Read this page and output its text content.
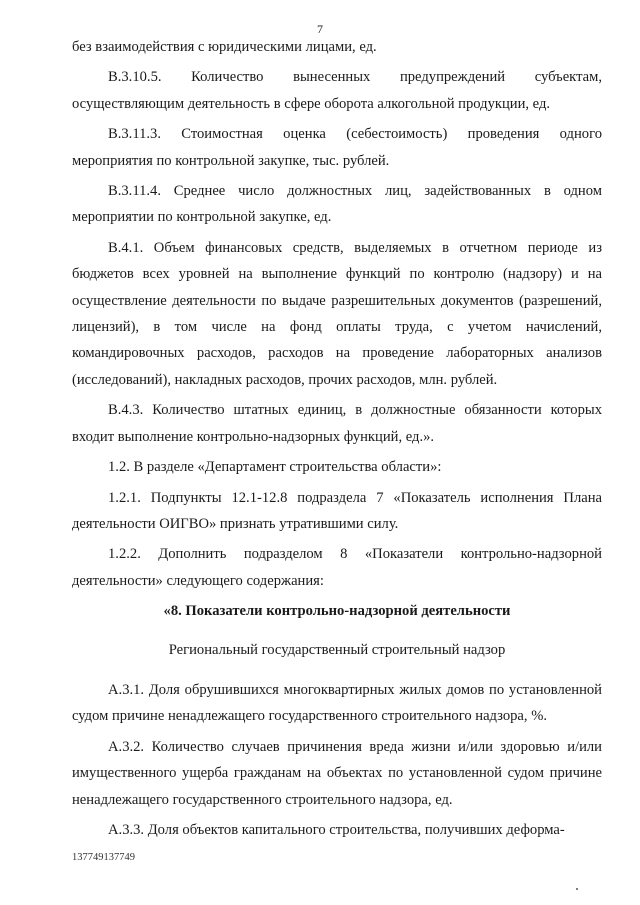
7

без взаимодействия с юридическими лицами, ед.

В.3.10.5. Количество вынесенных предупреждений субъектам, осуществляющим деятельность в сфере оборота алкогольной продукции, ед.

В.3.11.3. Стоимостная оценка (себестоимость) проведения одного мероприятия по контрольной закупке, тыс. рублей.

В.3.11.4. Среднее число должностных лиц, задействованных в одном мероприятии по контрольной закупке, ед.

В.4.1. Объем финансовых средств, выделяемых в отчетном периоде из бюджетов всех уровней на выполнение функций по контролю (надзору) и на осуществление деятельности по выдаче разрешительных документов (разрешений, лицензий), в том числе на фонд оплаты труда, с учетом начислений, командировочных расходов, расходов на проведение лабораторных анализов (исследований), накладных расходов, прочих расходов, млн. рублей.

В.4.3. Количество штатных единиц, в должностные обязанности которых входит выполнение контрольно-надзорных функций, ед.».

1.2. В разделе «Департамент строительства области»:

1.2.1. Подпункты 12.1-12.8 подраздела 7 «Показатель исполнения Плана деятельности ОИГВО» признать утратившими силу.

1.2.2. Дополнить подразделом 8 «Показатели контрольно-надзорной деятельности» следующего содержания:

«8. Показатели контрольно-надзорной деятельности

Региональный государственный строительный надзор

А.3.1. Доля обрушившихся многоквартирных жилых домов по установленной судом причине ненадлежащего государственного строительного надзора, %.

А.3.2. Количество случаев причинения вреда жизни и/или здоровью и/или имущественного ущерба гражданам на объектах по установленной судом причине ненадлежащего государственного строительного надзора, ед.

А.3.3. Доля объектов капитального строительства, получивших деформа-

137749137749
